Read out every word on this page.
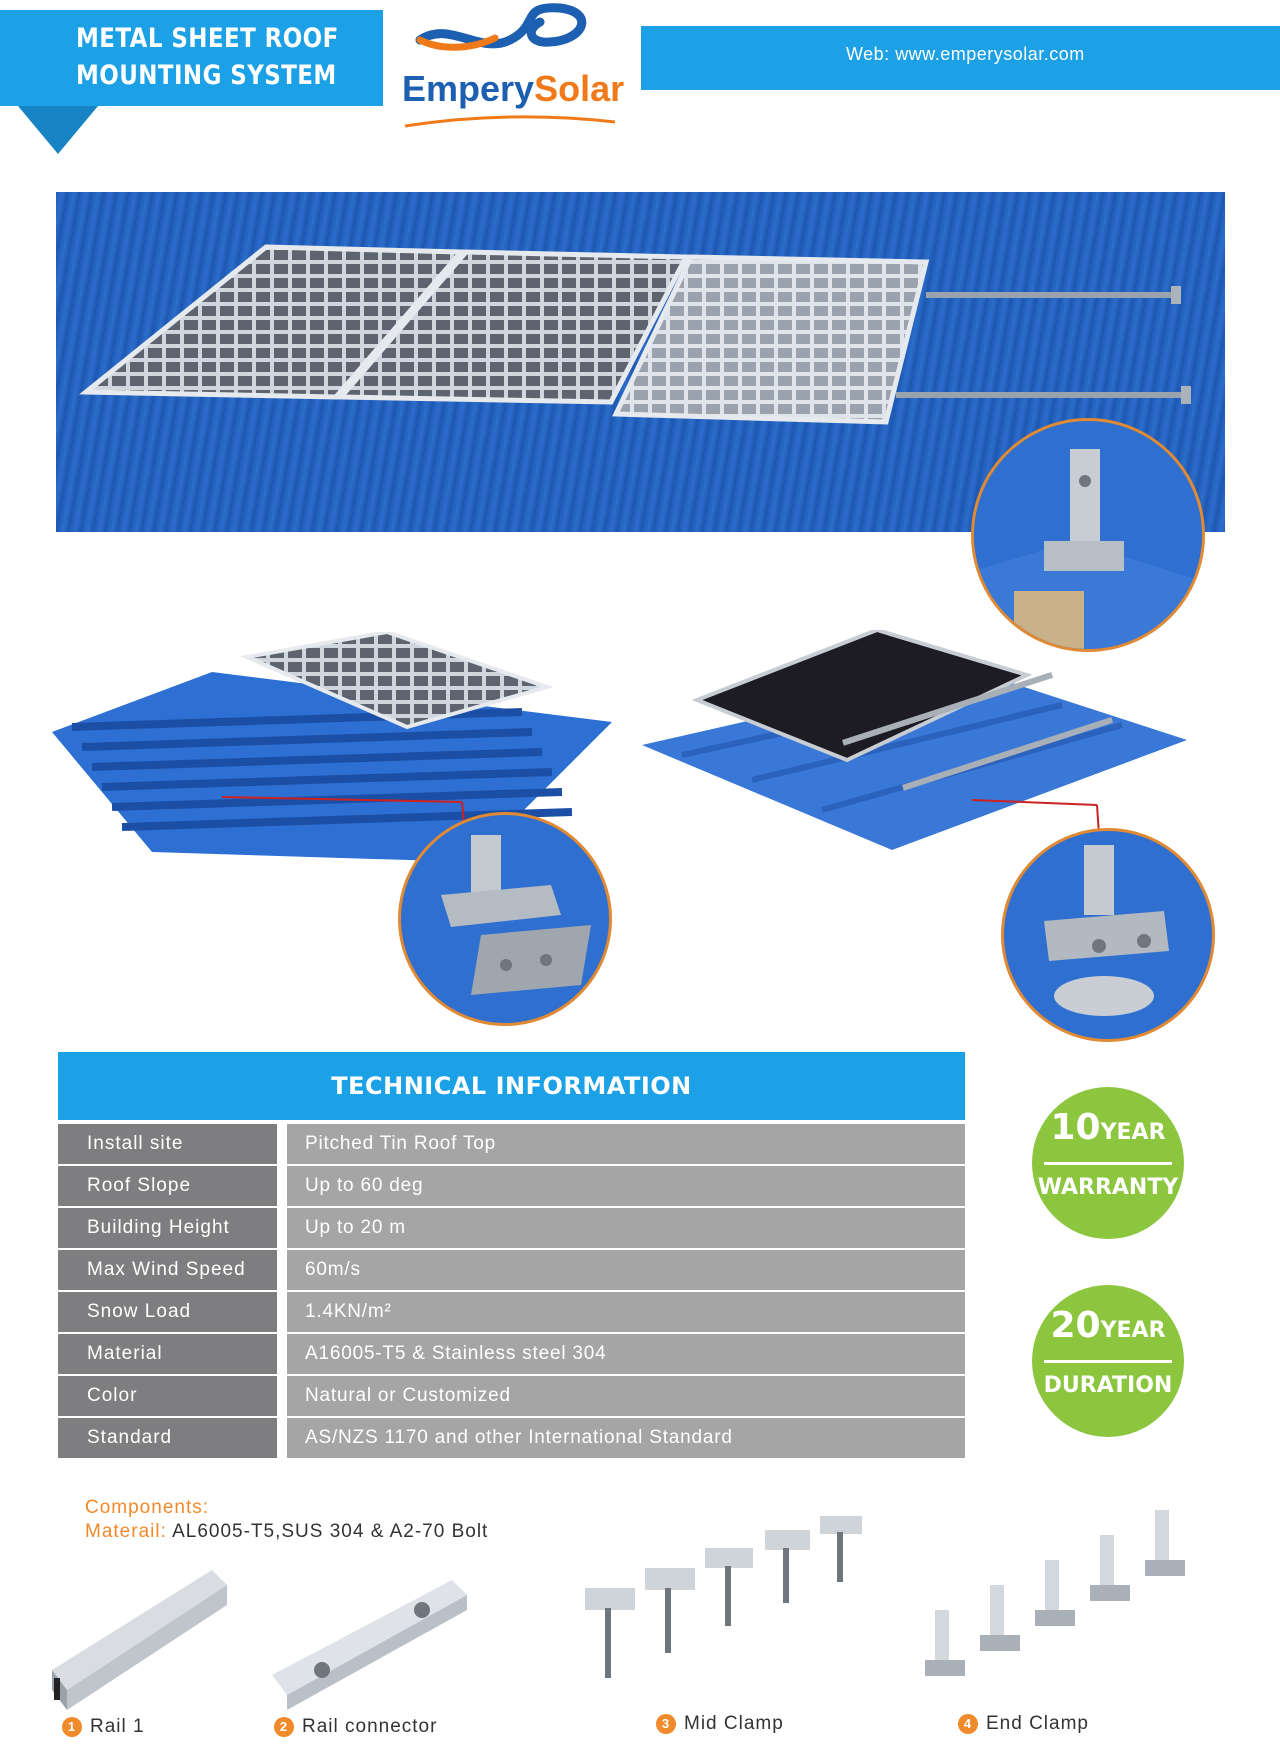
METAL SHEET ROOF
MOUNTING SYSTEM EmperySolar
Web: www.emperysolar.com
TECHNICAL INFORMATION
Install site	Pitched Tin Roof Top
Roof Slope	Up to 60 deg
Building Height	Up to 20 m
Max Wind Speed	60m/s
Snow Load	1.4KN/m²
Material	A16005-T5 & Stainless steel 304
Color	Natural or Customized
Standard	AS/NZS 1170 and other International Standard
10YEAR
WARRANTY
20YEAR
DURATION
Components:
Materail: AL6005-T5,SUS 304 & A2-70 Bolt
1 Rail 1	2 Rail connector	3 Mid Clamp	4 End Clamp
